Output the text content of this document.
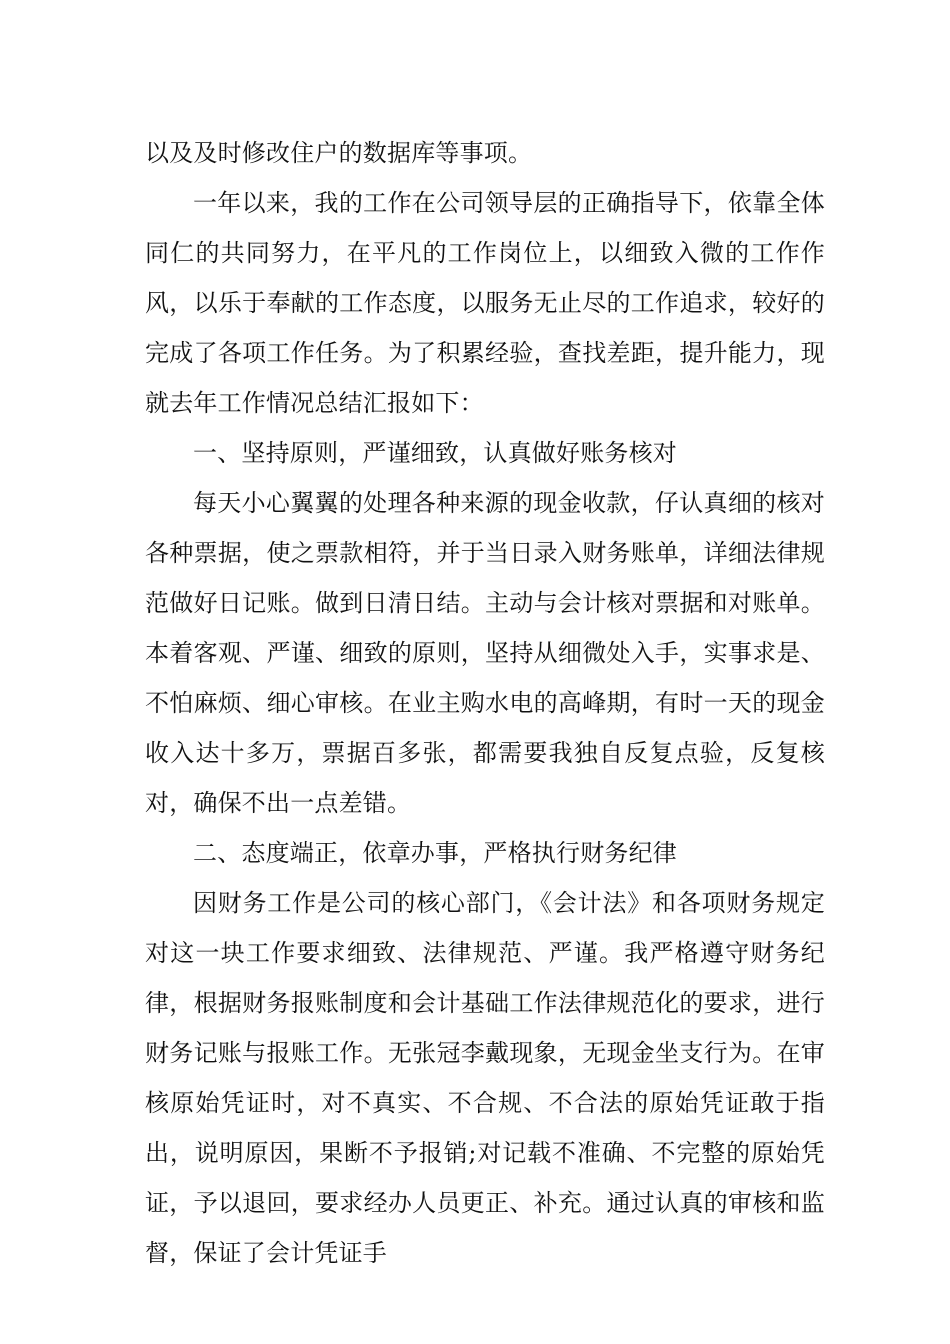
以及及时修改住户的数据库等事项。

一年以来，我的工作在公司领导层的正确指导下，依靠全体同仁的共同努力，在平凡的工作岗位上，以细致入微的工作作风，以乐于奉献的工作态度，以服务无止尽的工作追求，较好的完成了各项工作任务。为了积累经验，查找差距，提升能力，现就去年工作情况总结汇报如下：

一、坚持原则，严谨细致，认真做好账务核对

每天小心翼翼的处理各种来源的现金收款，仔认真细的核对各种票据，使之票款相符，并于当日录入财务账单，详细法律规范做好日记账。做到日清日结。主动与会计核对票据和对账单。本着客观、严谨、细致的原则，坚持从细微处入手，实事求是、不怕麻烦、细心审核。在业主购水电的高峰期，有时一天的现金收入达十多万，票据百多张，都需要我独自反复点验，反复核对，确保不出一点差错。

二、态度端正，依章办事，严格执行财务纪律

因财务工作是公司的核心部门，《会计法》和各项财务规定对这一块工作要求细致、法律规范、严谨。我严格遵守财务纪律，根据财务报账制度和会计基础工作法律规范化的要求，进行财务记账与报账工作。无张冠李戴现象，无现金坐支行为。在审核原始凭证时，对不真实、不合规、不合法的原始凭证敢于指出，说明原因，果断不予报销;对记载不准确、不完整的原始凭证，予以退回，要求经办人员更正、补充。通过认真的审核和监督，保证了会计凭证手
